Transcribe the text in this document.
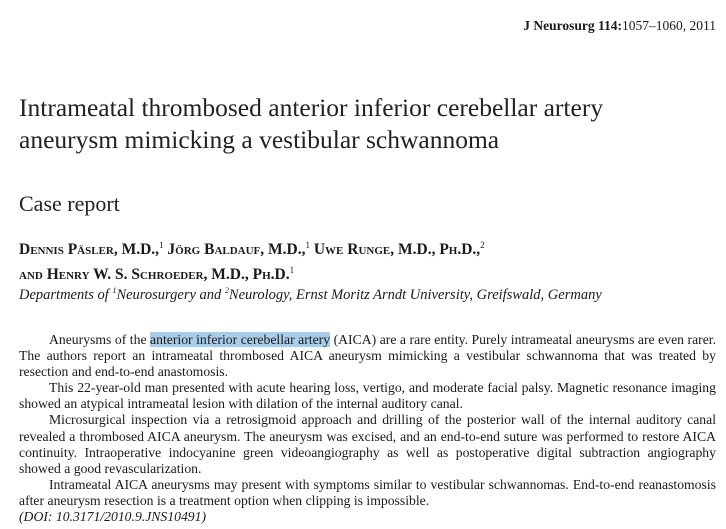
J Neurosurg 114:1057–1060, 2011
Intrameatal thrombosed anterior inferior cerebellar artery
aneurysm mimicking a vestibular schwannoma
Case report
Dennis Päsler, M.D.,$^1$ Jörg Baldauf, M.D.,$^1$ Uwe Runge, M.D., Ph.D.,$^2$
and Henry W. S. Schroeder, M.D., Ph.D.$^1$
Departments of $^1$Neurosurgery and $^2$Neurology, Ernst Moritz Arndt University, Greifswald, Germany

Aneurysms of the anterior inferior cerebellar artery (AICA) are a rare entity. Purely intrameatal aneurysms are even rarer. The authors report an intrameatal thrombosed AICA aneurysm mimicking a vestibular schwannoma that was treated by resection and end-to-end anastomosis.

This 22-year-old man presented with acute hearing loss, vertigo, and moderate facial palsy. Magnetic resonance imaging showed an atypical intrameatal lesion with dilation of the internal auditory canal.

Microsurgical inspection via a retrosigmoid approach and drilling of the posterior wall of the internal auditory canal revealed a thrombosed AICA aneurysm. The aneurysm was excised, and an end-to-end suture was performed to restore AICA continuity. Intraoperative indocyanine green videoangiography as well as postoperative digital subtraction angiography showed a good revascularization.

Intrameatal AICA aneurysms may present with symptoms similar to vestibular schwannomas. End-to-end reanastomosis after aneurysm resection is a treatment option when clipping is impossible.

(DOI: 10.3171/2010.9.JNS10491)
